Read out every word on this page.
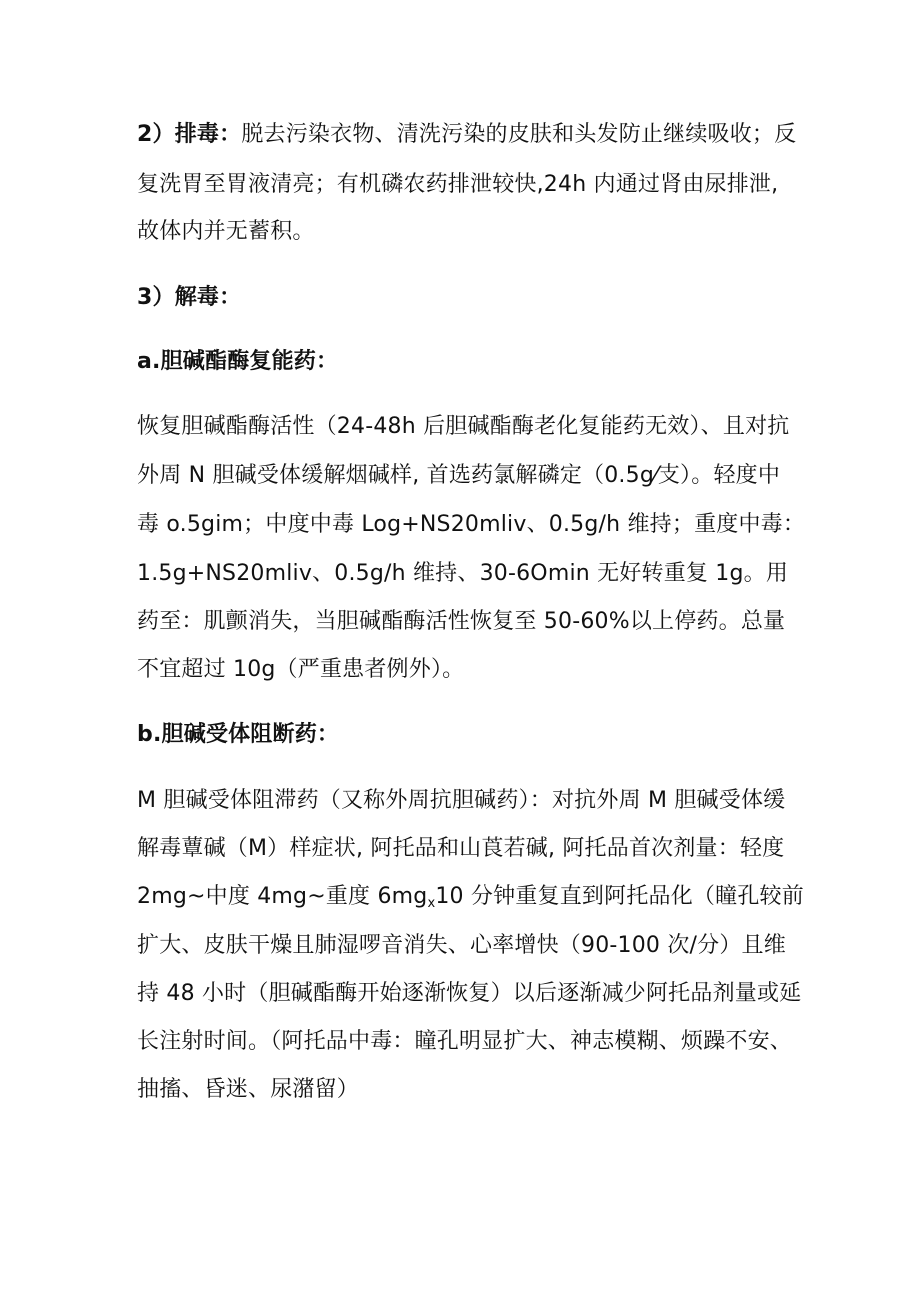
2）排毒：脱去污染衣物、清洗污染的皮肤和头发防止继续吸收；反
复洗胃至胃液清亮；有机磷农药排泄较快,24h 内通过肾由尿排泄,
故体内并无蓄积。
3）解毒：
a.胆碱酯酶复能药：
恢复胆碱酯酶活性（24-48h 后胆碱酯酶老化复能药无效）、且对抗
外周 N 胆碱受体缓解烟碱样, 首选药氯解磷定（0.5g⁄支）。轻度中
毒 o.5gim；中度中毒 Log+NS20mliv、0.5g/h 维持；重度中毒：
1.5g+NS20mliv、0.5g/h 维持、30-6Omin 无好转重复 1g。用
药至：肌颤消失，当胆碱酯酶活性恢复至 50-60%以上停药。总量
不宜超过 10g（严重患者例外）。
b.胆碱受体阻断药：
M 胆碱受体阻滞药（又称外周抗胆碱药）：对抗外周 M 胆碱受体缓
解毒蕈碱（M）样症状, 阿托品和山莨若碱, 阿托品首次剂量：轻度
2mg~中度 4mg~重度 $6mg_x10$ 分钟重复直到阿托品化（瞳孔较前
扩大、皮肤干燥且肺湿啰音消失、心率增快（90-100 次/分）且维
持 48 小时（胆碱酯酶开始逐渐恢复）以后逐渐减少阿托品剂量或延
长注射时间。（阿托品中毒：瞳孔明显扩大、神志模糊、烦躁不安、
抽搐、昏迷、尿潴留）
